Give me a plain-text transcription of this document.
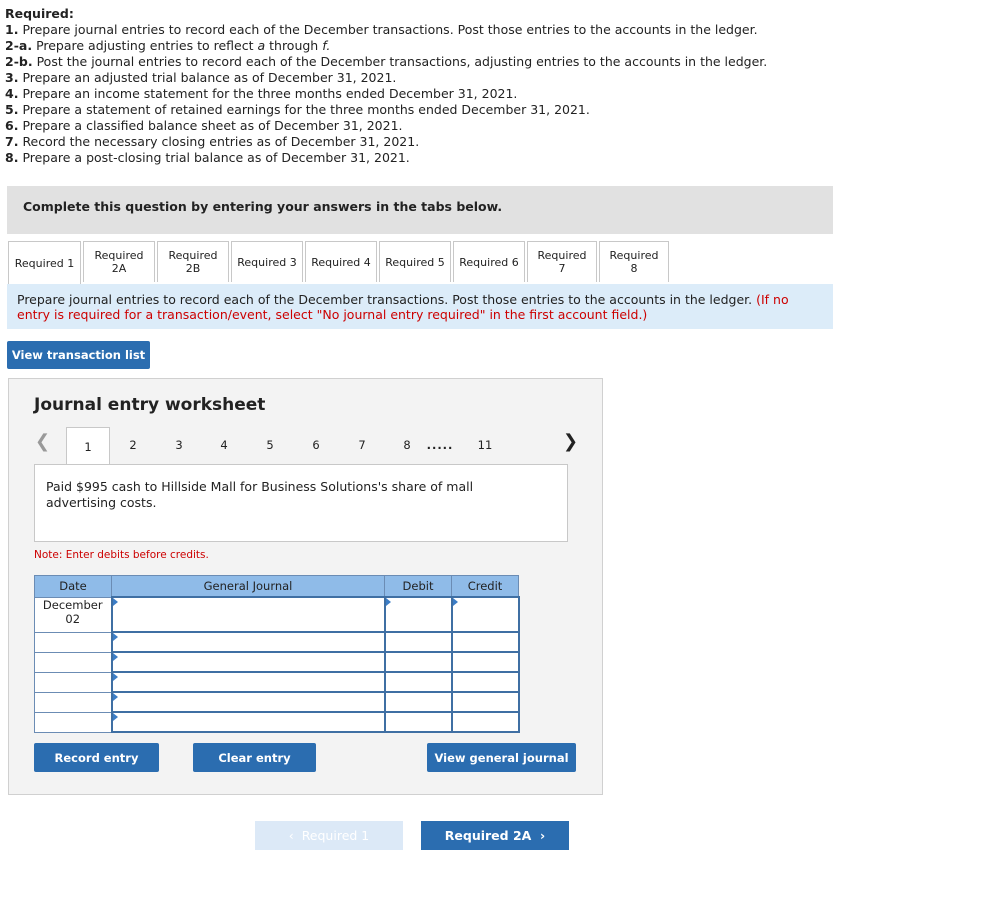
Required:
1. Prepare journal entries to record each of the December transactions. Post those entries to the accounts in the ledger.
2-a. Prepare adjusting entries to reflect a through f.
2-b. Post the journal entries to record each of the December transactions, adjusting entries to the accounts in the ledger.
3. Prepare an adjusted trial balance as of December 31, 2021.
4. Prepare an income statement for the three months ended December 31, 2021.
5. Prepare a statement of retained earnings for the three months ended December 31, 2021.
6. Prepare a classified balance sheet as of December 31, 2021.
7. Record the necessary closing entries as of December 31, 2021.
8. Prepare a post-closing trial balance as of December 31, 2021.
Complete this question by entering your answers in the tabs below.
Required 1
Required
2A
Required
2B	Required 3 Required 4 Required 5 Required 6	Required 7
Required 8

Prepare journal entries to record each of the December transactions. Post those entries to the accounts in the ledger. (If no entry is required for a transaction/event, select "No journal entry required" in the first account field.)

View transaction list
Journal entry worksheet
❮	1	2	3	4	5	6	7	8	.....	11	❯

Paid $995 cash to Hillside Mall for Business Solutions's share of mall advertising costs.

Note: Enter debits before credits.
Date	General Journal	Debit	Credit
December
02	

Record entry	Clear entry	View general journal
‹ Required 1	Required 2A ›
